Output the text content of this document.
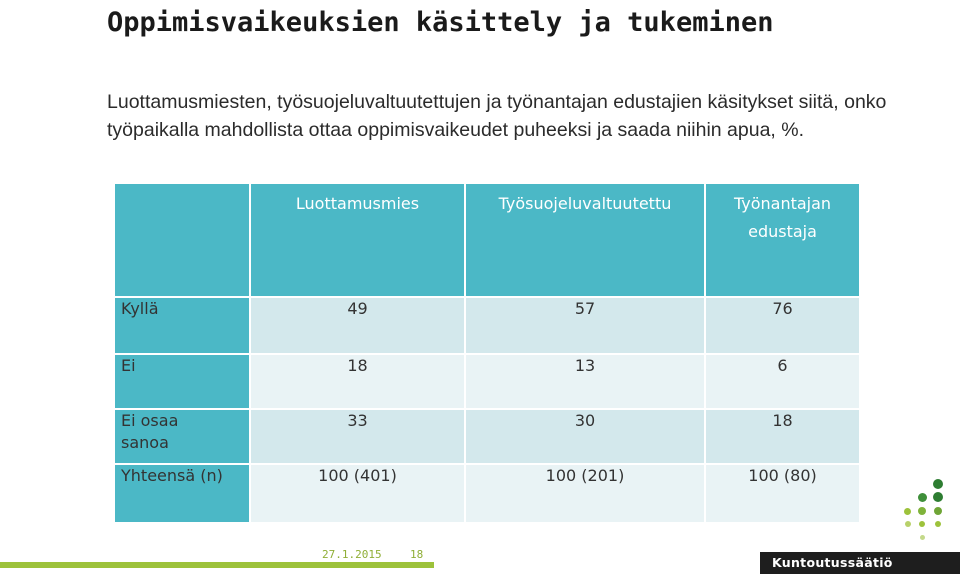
Oppimisvaikeuksien käsittely ja tukeminen
Luottamusmiesten, työsuojeluvaltuutettujen ja työnantajan edustajien käsitykset siitä, onko työpaikalla mahdollista ottaa oppimisvaikeudet puheeksi ja saada niihin apua, %.
	Luottamusmies	Työsuojeluvaltuutettu	Työnantajan edustaja
Kyllä	49	57	76
Ei	18	13	6
Ei osaa sanoa	33	30	18
Yhteensä (n)	100 (401)	100 (201)	100 (80)
27.1.2015	18
Kuntoutussäätiö
